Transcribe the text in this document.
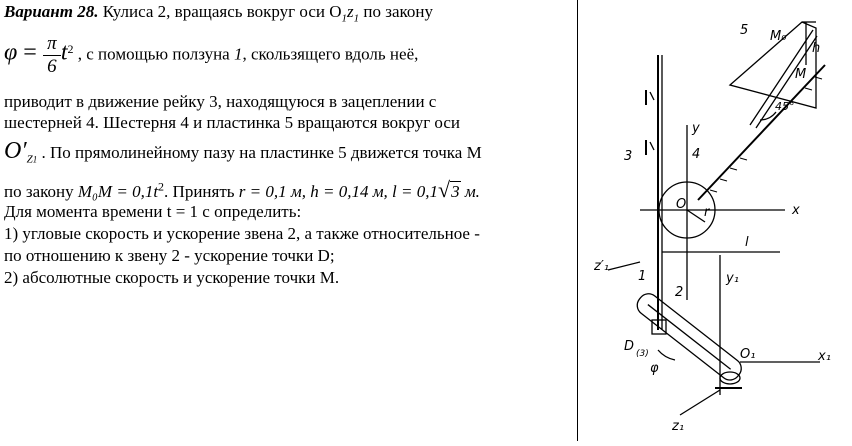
Вариант 28. Кулиса 2, вращаясь вокруг оси $O_1z_1$ по закону
$\varphi = \frac{\pi}{6} t^2$ , с помощью ползуна 1, скользящего вдоль неё,
приводит в движение рейку 3, находящуюся в зацеплении с
шестерней 4. Шестерня 4 и пластинка 5 вращаются вокруг оси
$O'_{Z1}$ . По прямолинейному пазу на пластинке 5 движется точка M
по закону $M_0M = 0,1t^2$. Принять r = 0,1 м, h = 0,14 м, l = 0,1√3 м.
Для момента времени t = 1 с определить:
1) угловые скорость и ускорение звена 2, а также относительное -
по отношению к звену 2 - ускорение точки D;
2) абсолютные скорость и ускорение точки M.
5 M₀
h
M
45°
y
3	4
O
r	x
l
z′₁
1	y₁
2
D (3)
φ
O₁	x₁
z₁
